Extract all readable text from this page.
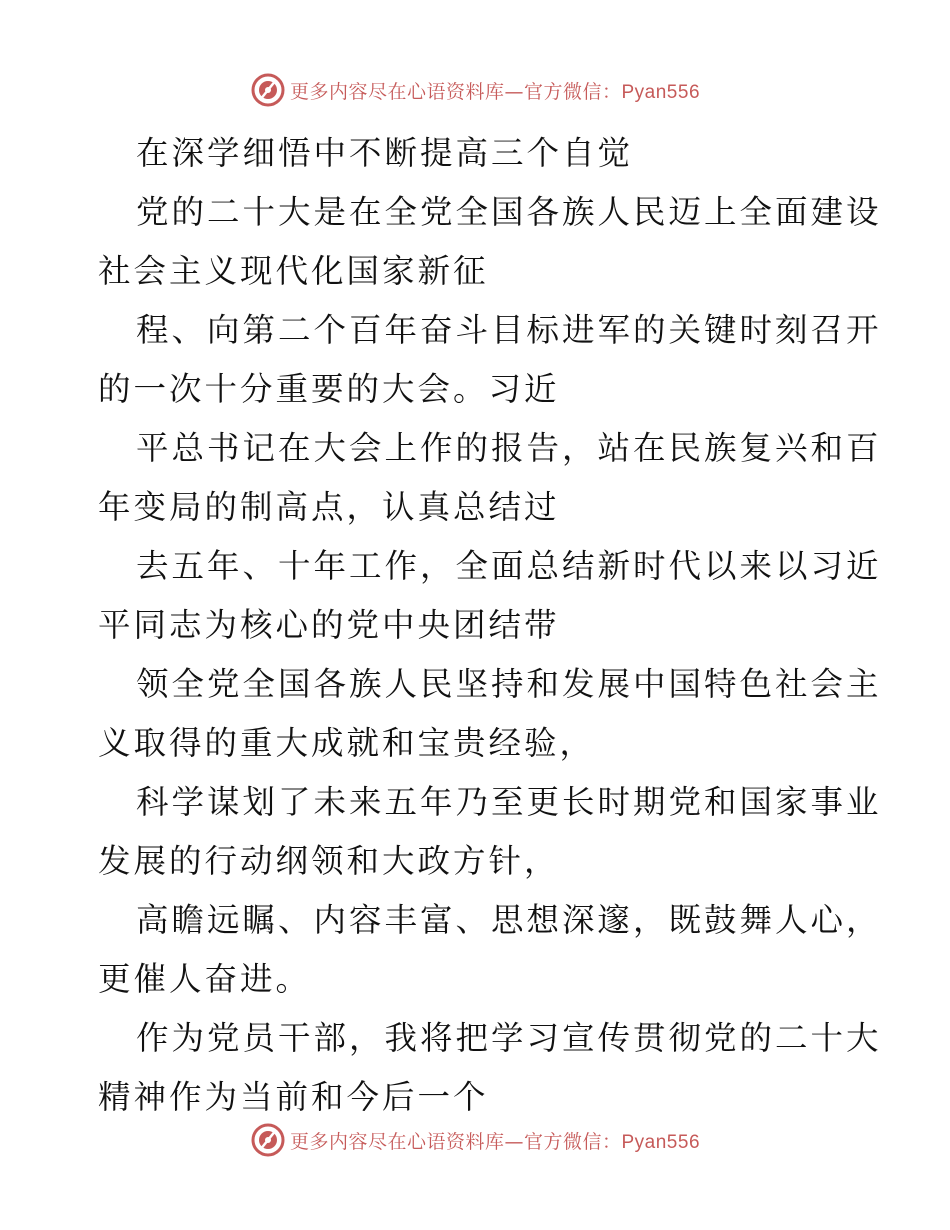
更多内容尽在心语资料库—官方微信：Pyan556
在深学细悟中不断提高三个自觉
党的二十大是在全党全国各族人民迈上全面建设
社会主义现代化国家新征
程、向第二个百年奋斗目标进军的关键时刻召开
的一次十分重要的大会。习近
平总书记在大会上作的报告，站在民族复兴和百
年变局的制高点，认真总结过
去五年、十年工作，全面总结新时代以来以习近
平同志为核心的党中央团结带
领全党全国各族人民坚持和发展中国特色社会主
义取得的重大成就和宝贵经验，
科学谋划了未来五年乃至更长时期党和国家事业
发展的行动纲领和大政方针，
高瞻远瞩、内容丰富、思想深邃，既鼓舞人心，
更催人奋进。
作为党员干部，我将把学习宣传贯彻党的二十大
精神作为当前和今后一个
更多内容尽在心语资料库—官方微信：Pyan556
